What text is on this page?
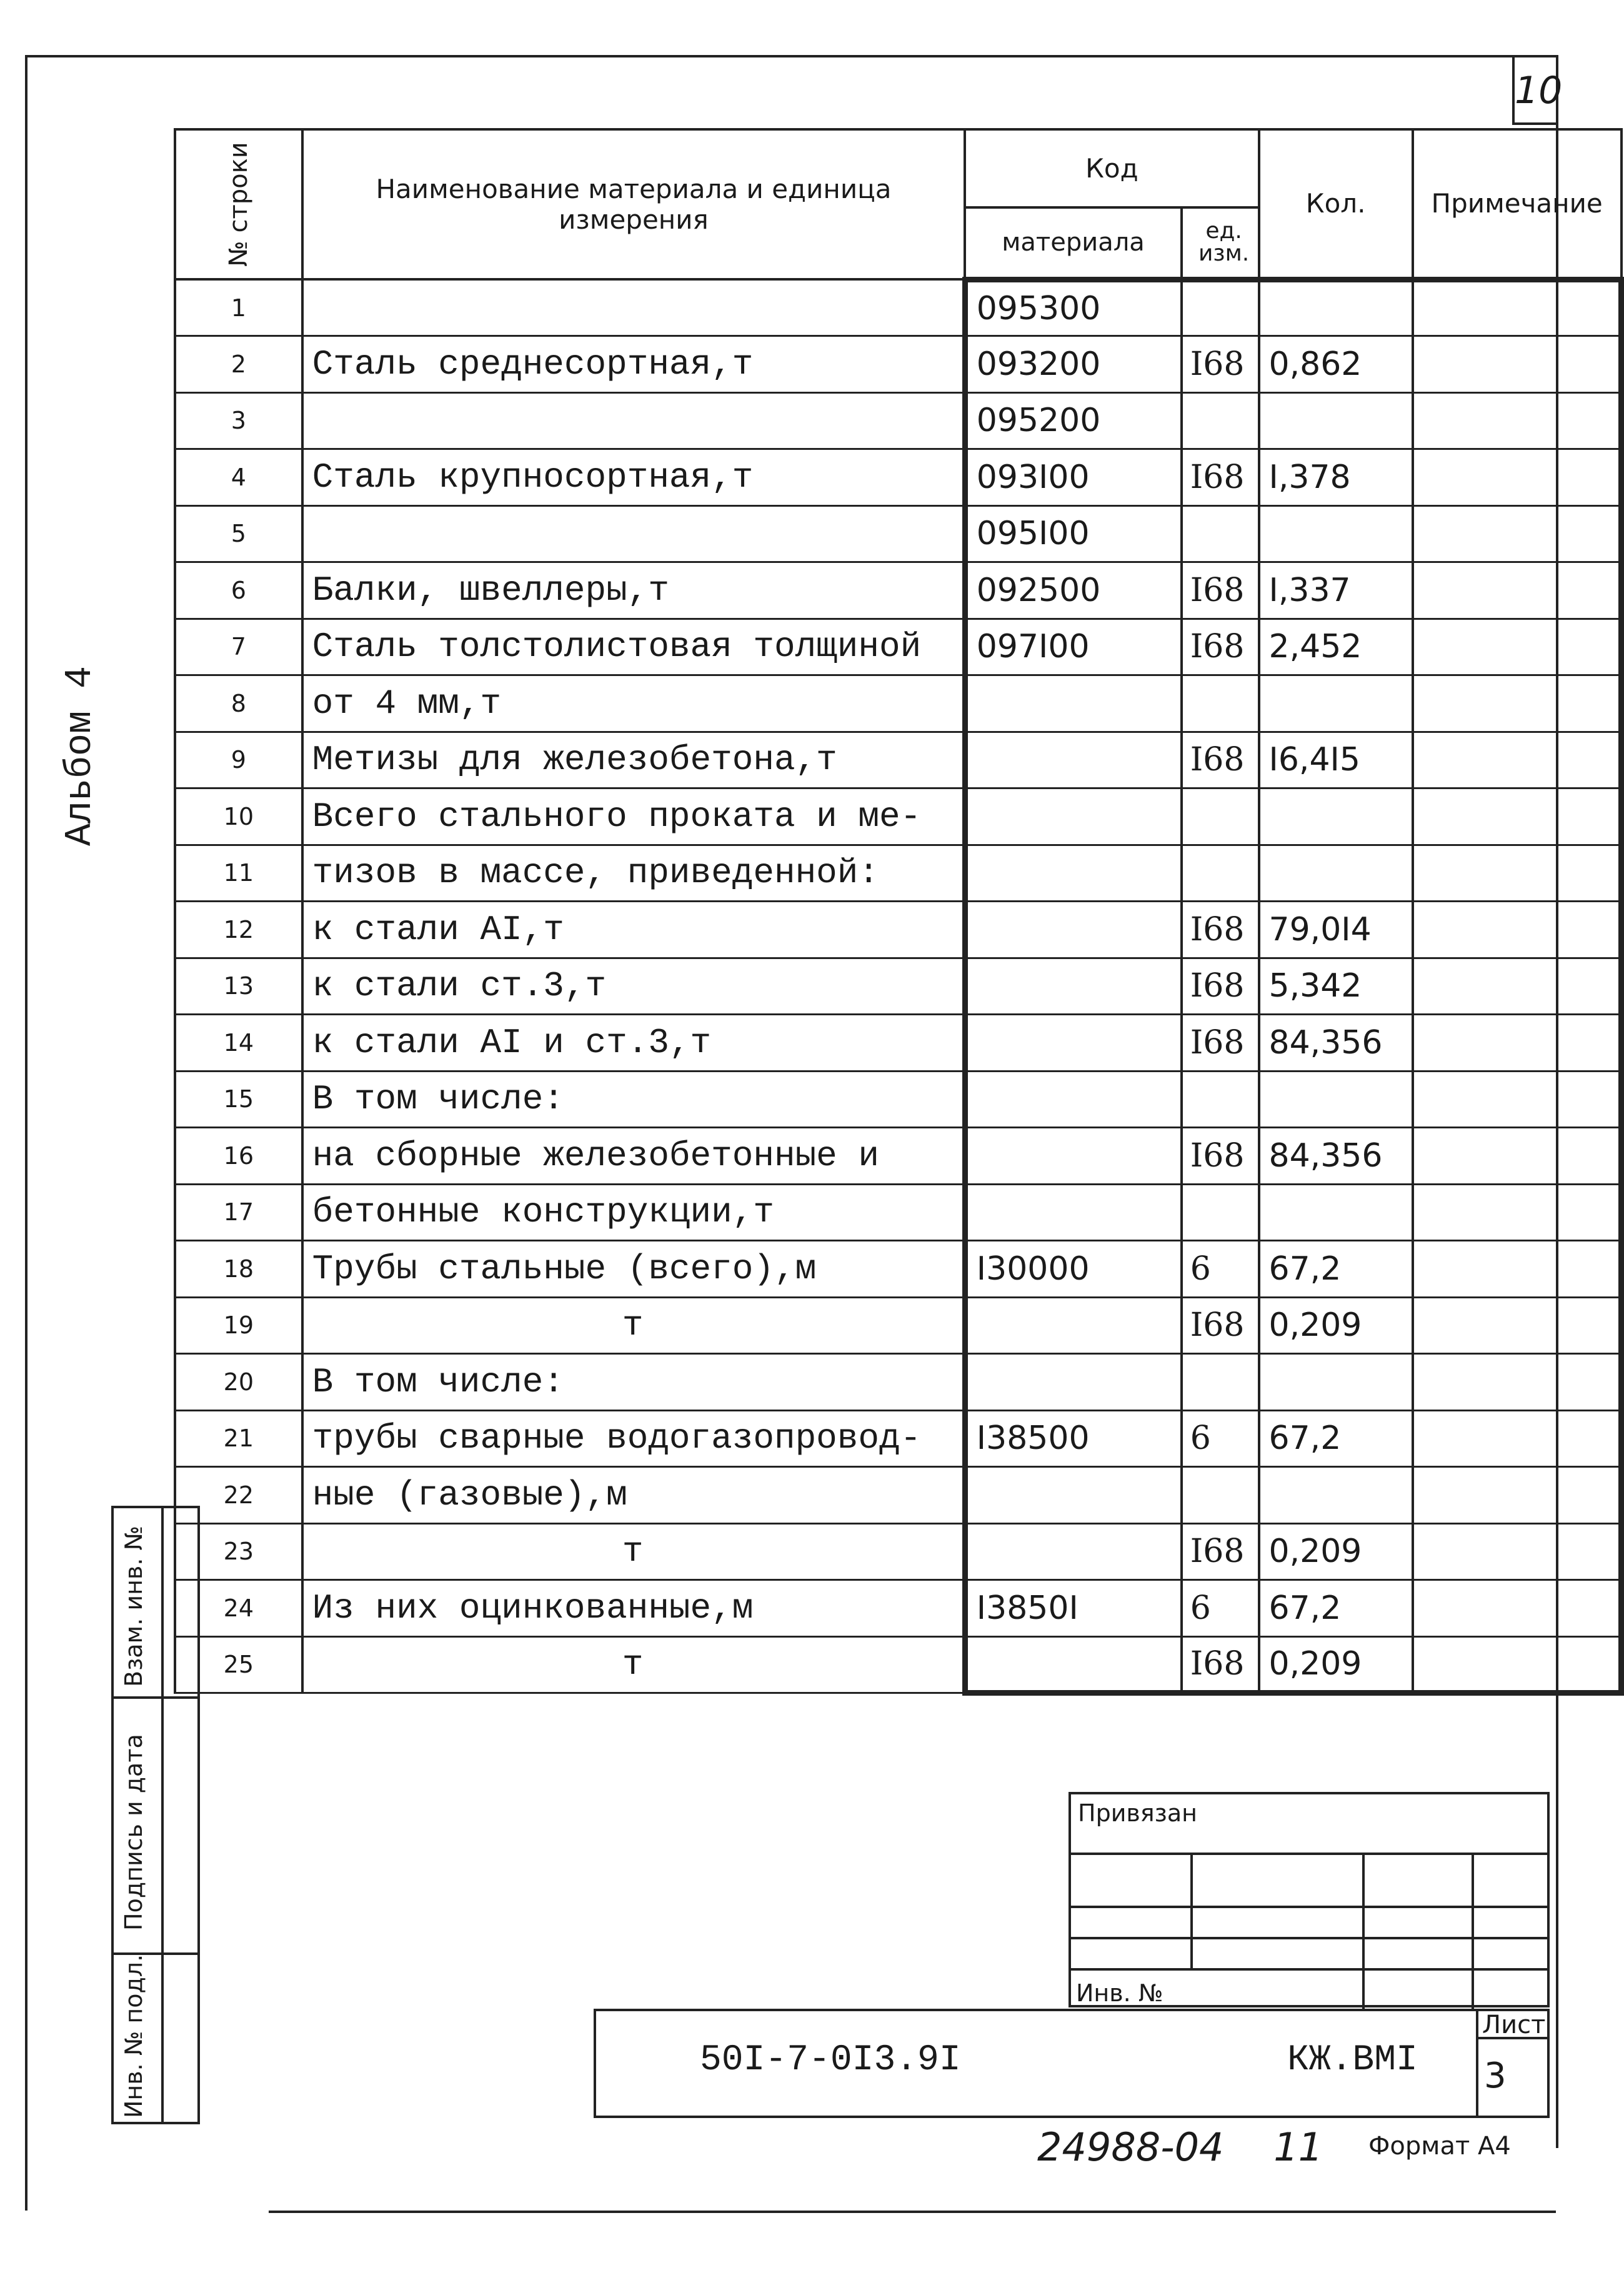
10
Альбом 4
№ строки	Наименование материала и единица измерения	Код		Кол.	Примечание
		материала	ед. изм.		
1		095300			
2	Сталь среднесортная,т	093200	I68	0,862	
3		095200			
4	Сталь крупносортная,т	093I00	I68	I,378	
5		095I00			
6	Балки, швеллеры,т	092500	I68	I,337	
7	Сталь толстолистовая толщиной	097I00	I68	2,452	
8	от 4 мм,т				
9	Метизы для железобетона,т		I68	I6,4I5	
10	Всего стального проката и ме-				
11	тизов в массе, приведенной:				
12	к стали AI,т		I68	79,0I4	
13	к стали ст.3,т		I68	5,342	
14	к стали AI и ст.3,т		I68	84,356	
15	В том числе:				
16	на сборные железобетонные и		I68	84,356	
17	бетонные конструкции,т				
18	Трубы стальные (всего),м	I30000	6	67,2	
19	т		I68	0,209	
20	В том числе:				
21	трубы сварные водогазопровод-	I38500	6	67,2	
22	ные (газовые),м				
23	т		I68	0,209	
24	Из них оцинкованные,м	I3850I	6	67,2	
25	т		I68	0,209	
Взам. инв. №
Подпись и дата
Инв. № подл.
Привязан
Инв. №
50I-7-0I3.9I	КЖ.ВМI
Лист
3
24988-04 11 Формат А4
